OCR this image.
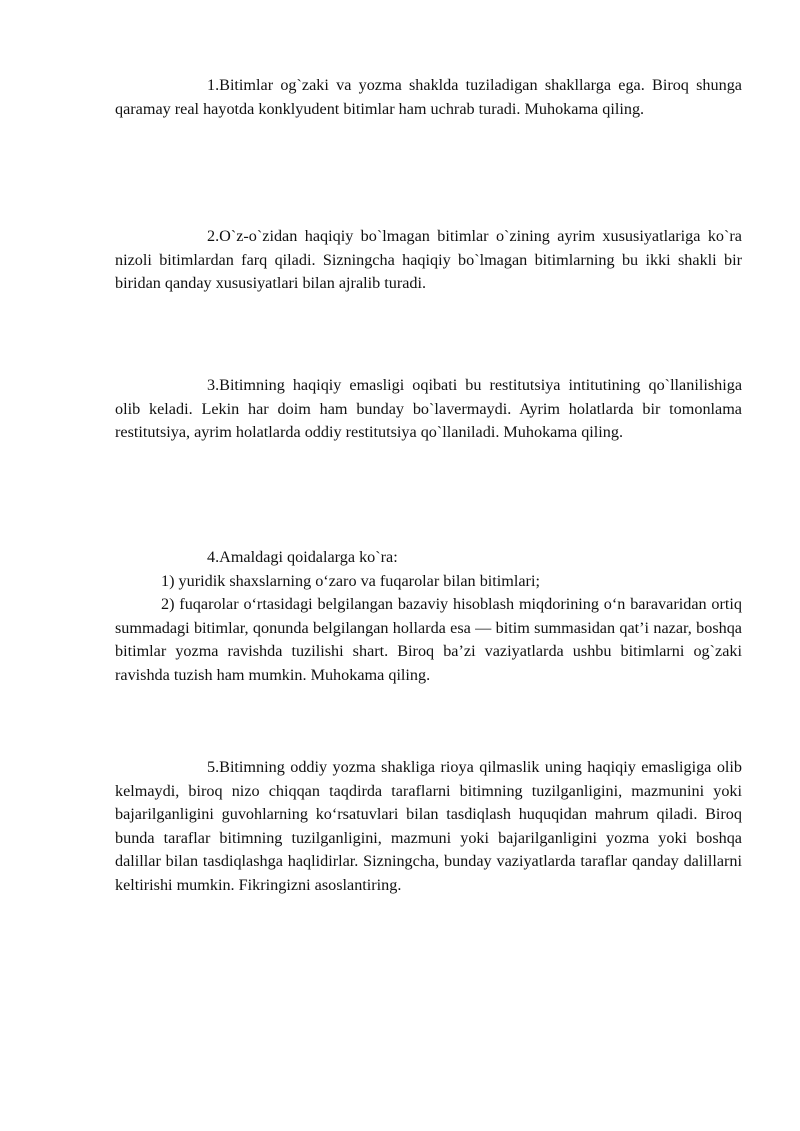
1.Bitimlar og`zaki va yozma shaklda tuziladigan shakllarga ega. Biroq shunga qaramay real hayotda konklyudent bitimlar ham uchrab turadi. Muhokama qiling.

2.O`z-o`zidan haqiqiy bo`lmagan bitimlar o`zining ayrim xususiyatlariga ko`ra nizoli bitimlardan farq qiladi. Sizningcha haqiqiy bo`lmagan bitimlarning bu ikki shakli bir biridan qanday xususiyatlari bilan ajralib turadi.

3.Bitimning haqiqiy emasligi oqibati bu restitutsiya intitutining qo`llanilishiga olib keladi. Lekin har doim ham bunday bo`lavermaydi. Ayrim holatlarda bir tomonlama restitutsiya, ayrim holatlarda oddiy restitutsiya qo`llaniladi. Muhokama qiling.

4.Amaldagi qoidalarga ko`ra:

1) yuridik shaxslarning o‘zaro va fuqarolar bilan bitimlari;

2) fuqarolar o‘rtasidagi belgilangan bazaviy hisoblash miqdorining o‘n baravaridan ortiq summadagi bitimlar, qonunda belgilangan hollarda esa — bitim summasidan qat’i nazar, boshqa bitimlar yozma ravishda tuzilishi shart. Biroq ba’zi vaziyatlarda ushbu bitimlarni og`zaki ravishda tuzish ham mumkin. Muhokama qiling.

5.Bitimning oddiy yozma shakliga rioya qilmaslik uning haqiqiy emasligiga olib kelmaydi, biroq nizo chiqqan taqdirda taraflarni bitimning tuzilganligini, mazmunini yoki bajarilganligini guvohlarning ko‘rsatuvlari bilan tasdiqlash huquqidan mahrum qiladi. Biroq bunda taraflar bitimning tuzilganligini, mazmuni yoki bajarilganligini yozma yoki boshqa dalillar bilan tasdiqlashga haqlidirlar. Sizningcha, bunday vaziyatlarda taraflar qanday dalillarni keltirishi mumkin. Fikringizni asoslantiring.
